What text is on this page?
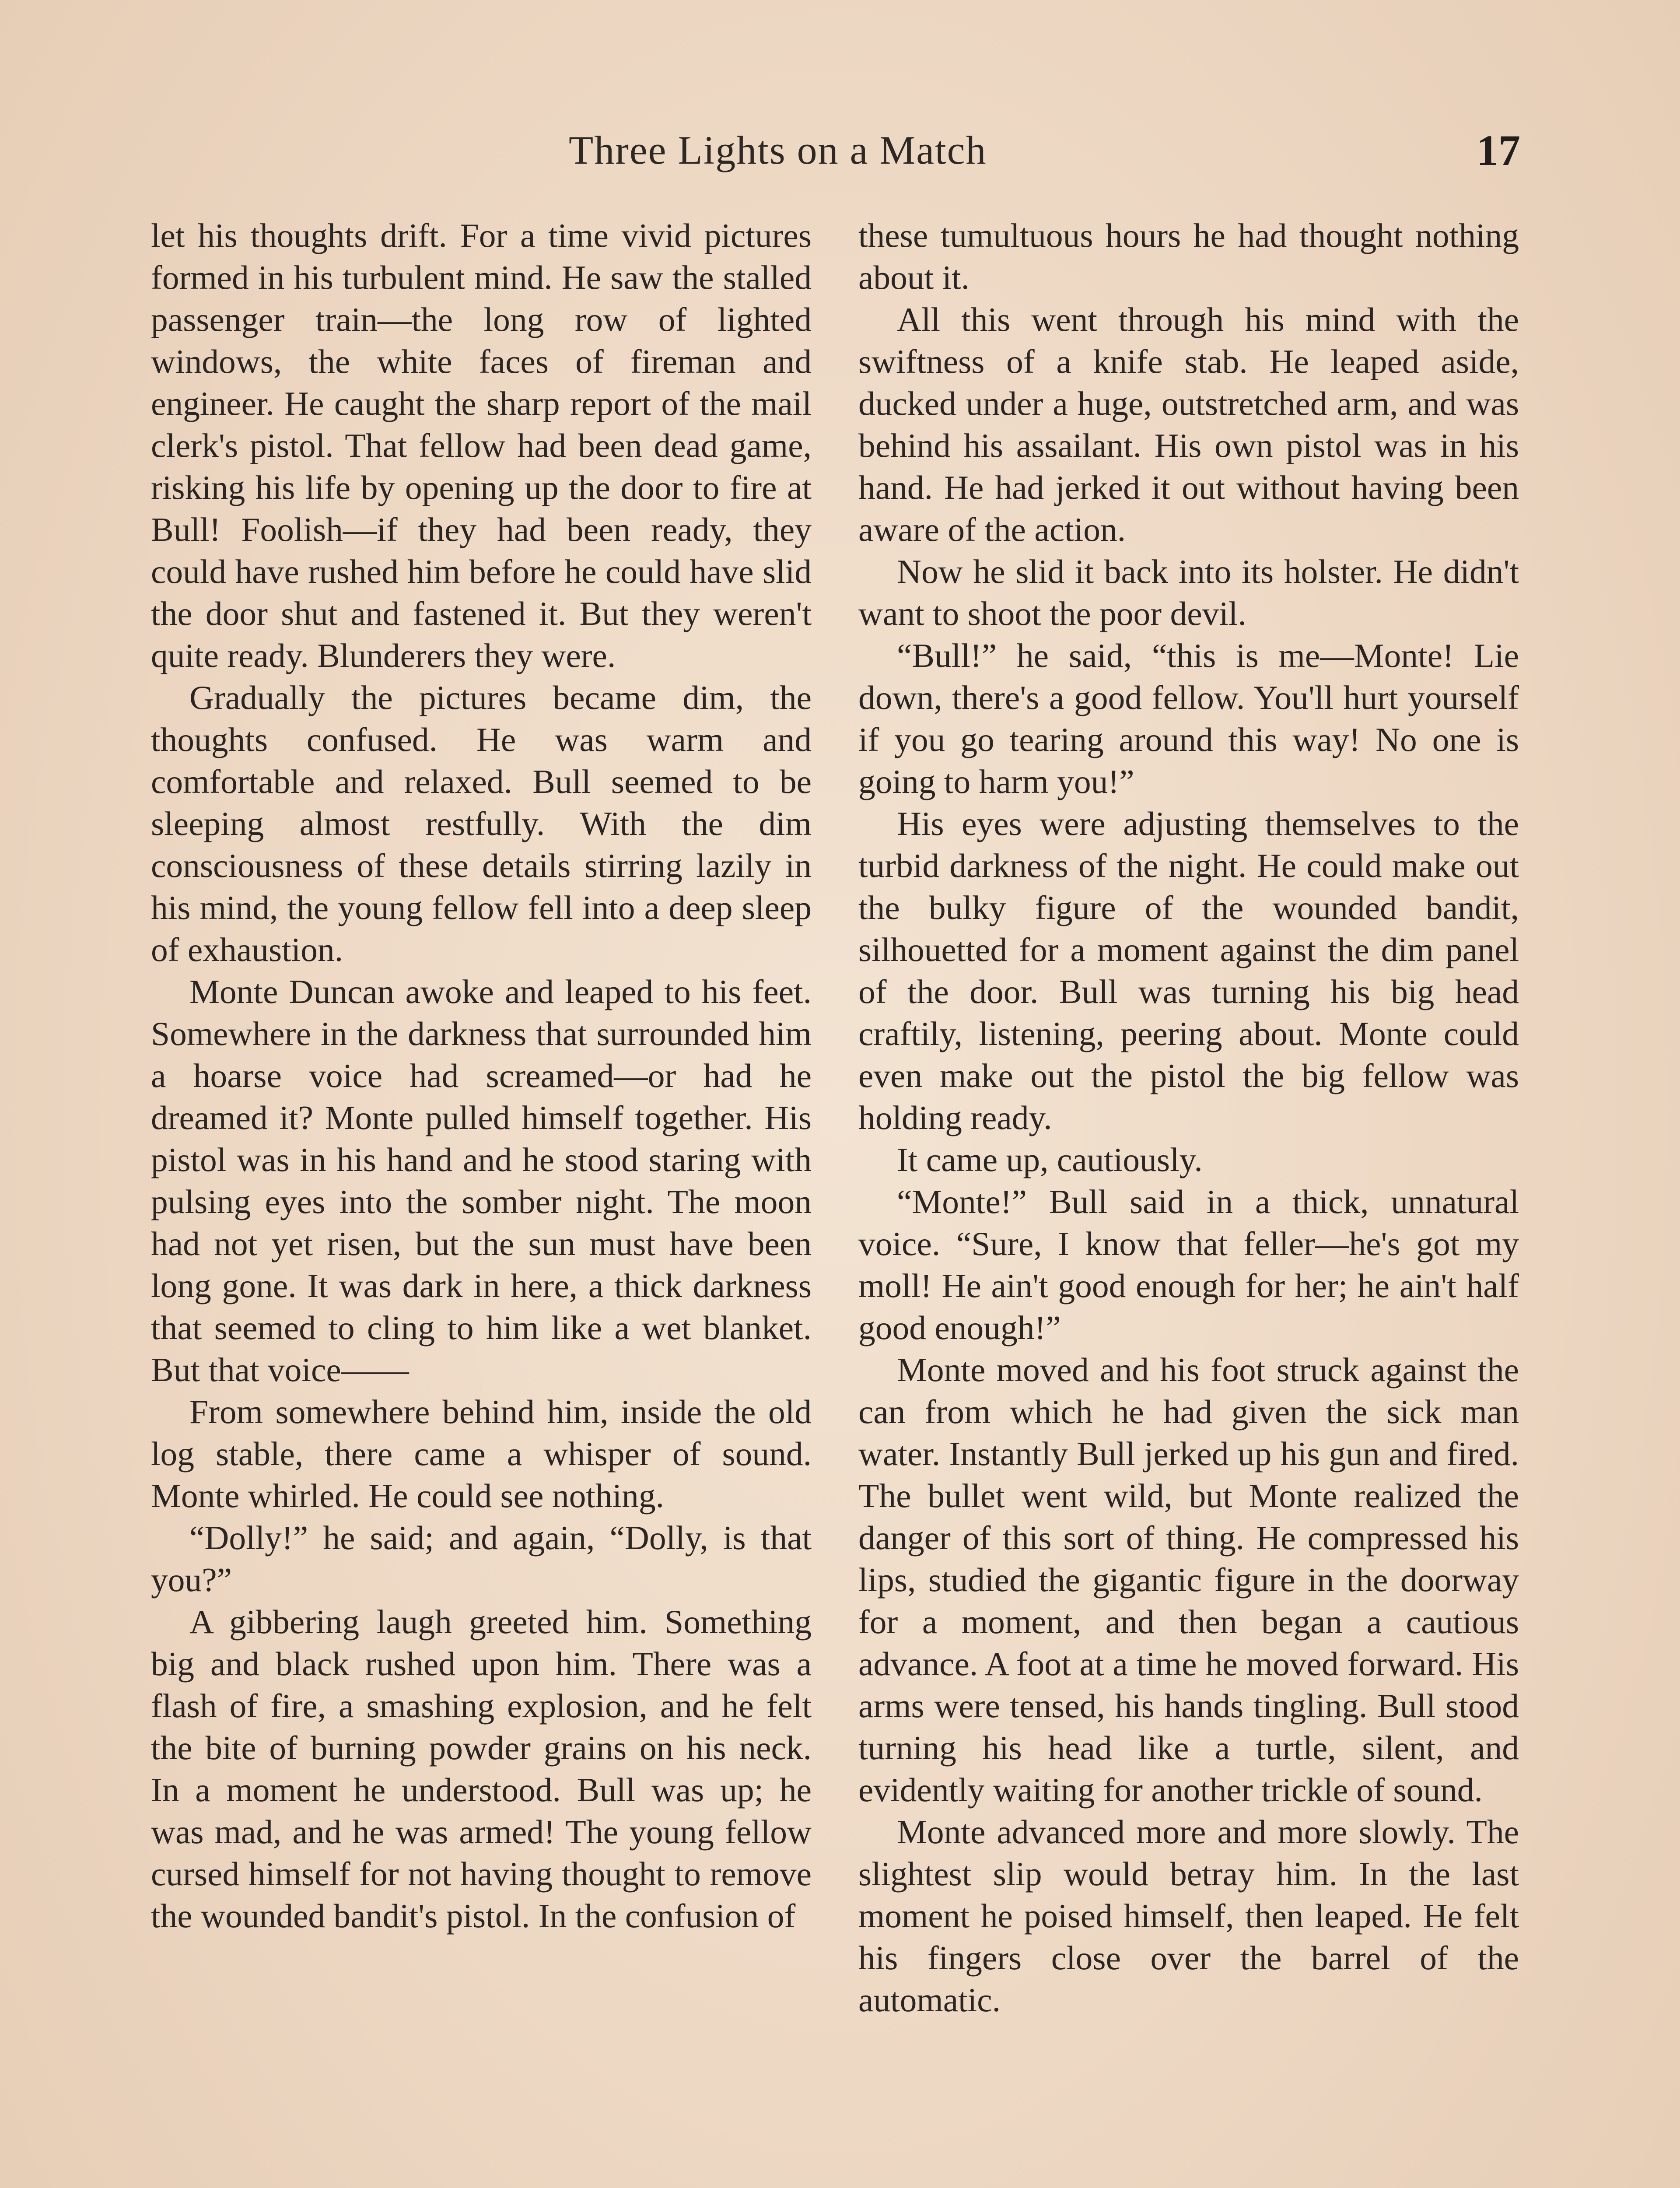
Three Lights on a Match	17

let his thoughts drift. For a time vivid pictures formed in his turbulent mind. He saw the stalled passenger train—the long row of lighted windows, the white faces of fireman and engineer. He caught the sharp report of the mail clerk's pistol. That fellow had been dead game, risking his life by opening up the door to fire at Bull! Foolish—if they had been ready, they could have rushed him before he could have slid the door shut and fastened it. But they weren't quite ready. Blunderers they were.

Gradually the pictures became dim, the thoughts confused. He was warm and comfortable and relaxed. Bull seemed to be sleeping almost restfully. With the dim consciousness of these details stirring lazily in his mind, the young fellow fell into a deep sleep of exhaustion.

Monte Duncan awoke and leaped to his feet. Somewhere in the darkness that surrounded him a hoarse voice had screamed—or had he dreamed it? Monte pulled himself together. His pistol was in his hand and he stood staring with pulsing eyes into the somber night. The moon had not yet risen, but the sun must have been long gone. It was dark in here, a thick darkness that seemed to cling to him like a wet blanket. But that voice——

From somewhere behind him, inside the old log stable, there came a whisper of sound. Monte whirled. He could see nothing.

“Dolly!” he said; and again, “Dolly, is that you?”

A gibbering laugh greeted him. Something big and black rushed upon him. There was a flash of fire, a smashing explosion, and he felt the bite of burning powder grains on his neck. In a moment he understood. Bull was up; he was mad, and he was armed! The young fellow cursed himself for not having thought to remove the wounded bandit's pistol. In the confusion of

these tumultuous hours he had thought nothing about it.

All this went through his mind with the swiftness of a knife stab. He leaped aside, ducked under a huge, outstretched arm, and was behind his assailant. His own pistol was in his hand. He had jerked it out without having been aware of the action.

Now he slid it back into its holster. He didn't want to shoot the poor devil.

“Bull!” he said, “this is me—Monte! Lie down, there's a good fellow. You'll hurt yourself if you go tearing around this way! No one is going to harm you!”

His eyes were adjusting themselves to the turbid darkness of the night. He could make out the bulky figure of the wounded bandit, silhouetted for a moment against the dim panel of the door. Bull was turning his big head craftily, listening, peering about. Monte could even make out the pistol the big fellow was holding ready.

It came up, cautiously.

“Monte!” Bull said in a thick, unnatural voice. “Sure, I know that feller—he's got my moll! He ain't good enough for her; he ain't half good enough!”

Monte moved and his foot struck against the can from which he had given the sick man water. Instantly Bull jerked up his gun and fired. The bullet went wild, but Monte realized the danger of this sort of thing. He compressed his lips, studied the gigantic figure in the doorway for a moment, and then began a cautious advance. A foot at a time he moved forward. His arms were tensed, his hands tingling. Bull stood turning his head like a turtle, silent, and evidently waiting for another trickle of sound.

Monte advanced more and more slowly. The slightest slip would betray him. In the last moment he poised himself, then leaped. He felt his fingers close over the barrel of the automatic.
